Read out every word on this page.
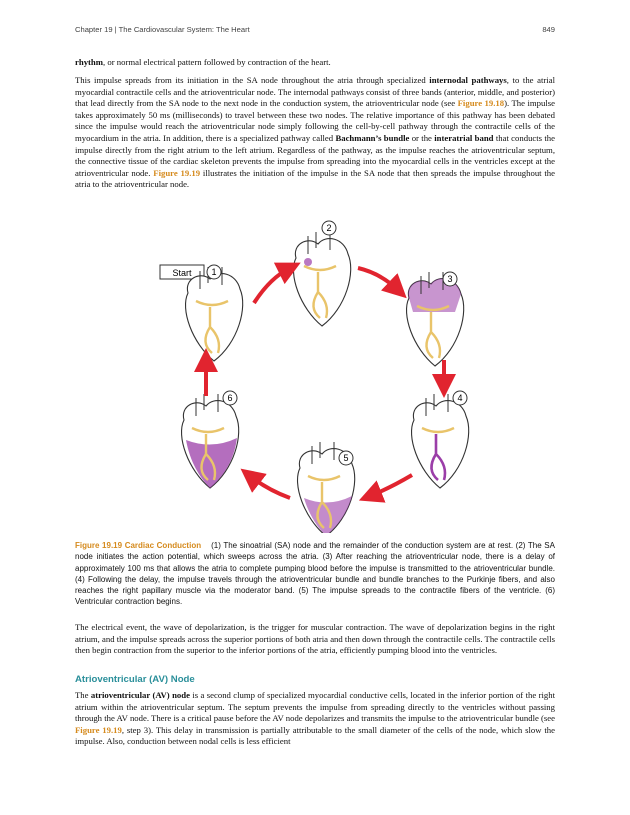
Chapter 19 | The Cardiovascular System: The Heart	849

rhythm, or normal electrical pattern followed by contraction of the heart.

This impulse spreads from its initiation in the SA node throughout the atria through specialized internodal pathways, to the atrial myocardial contractile cells and the atrioventricular node. The internodal pathways consist of three bands (anterior, middle, and posterior) that lead directly from the SA node to the next node in the conduction system, the atrioventricular node (see Figure 19.18). The impulse takes approximately 50 ms (milliseconds) to travel between these two nodes. The relative importance of this pathway has been debated since the impulse would reach the atrioventricular node simply following the cell-by-cell pathway through the contractile cells of the myocardium in the atria. In addition, there is a specialized pathway called Bachmann’s bundle or the interatrial band that conducts the impulse directly from the right atrium to the left atrium. Regardless of the pathway, as the impulse reaches the atrioventricular septum, the connective tissue of the cardiac skeleton prevents the impulse from spreading into the myocardial cells in the ventricles except at the atrioventricular node. Figure 19.19 illustrates the initiation of the impulse in the SA node that then spreads the impulse throughout the atria to the atrioventricular node.

Start 1
2
3
4
5
6

Figure 19.19 Cardiac Conduction (1) The sinoatrial (SA) node and the remainder of the conduction system are at rest. (2) The SA node initiates the action potential, which sweeps across the atria. (3) After reaching the atrioventricular node, there is a delay of approximately 100 ms that allows the atria to complete pumping blood before the impulse is transmitted to the atrioventricular bundle. (4) Following the delay, the impulse travels through the atrioventricular bundle and bundle branches to the Purkinje fibers, and also reaches the right papillary muscle via the moderator band. (5) The impulse spreads to the contractile fibers of the ventricle. (6) Ventricular contraction begins.

The electrical event, the wave of depolarization, is the trigger for muscular contraction. The wave of depolarization begins in the right atrium, and the impulse spreads across the superior portions of both atria and then down through the contractile cells. The contractile cells then begin contraction from the superior to the inferior portions of the atria, efficiently pumping blood into the ventricles.

Atrioventricular (AV) Node

The atrioventricular (AV) node is a second clump of specialized myocardial conductive cells, located in the inferior portion of the right atrium within the atrioventricular septum. The septum prevents the impulse from spreading directly to the ventricles without passing through the AV node. There is a critical pause before the AV node depolarizes and transmits the impulse to the atrioventricular bundle (see Figure 19.19, step 3). This delay in transmission is partially attributable to the small diameter of the cells of the node, which slow the impulse. Also, conduction between nodal cells is less efficient
